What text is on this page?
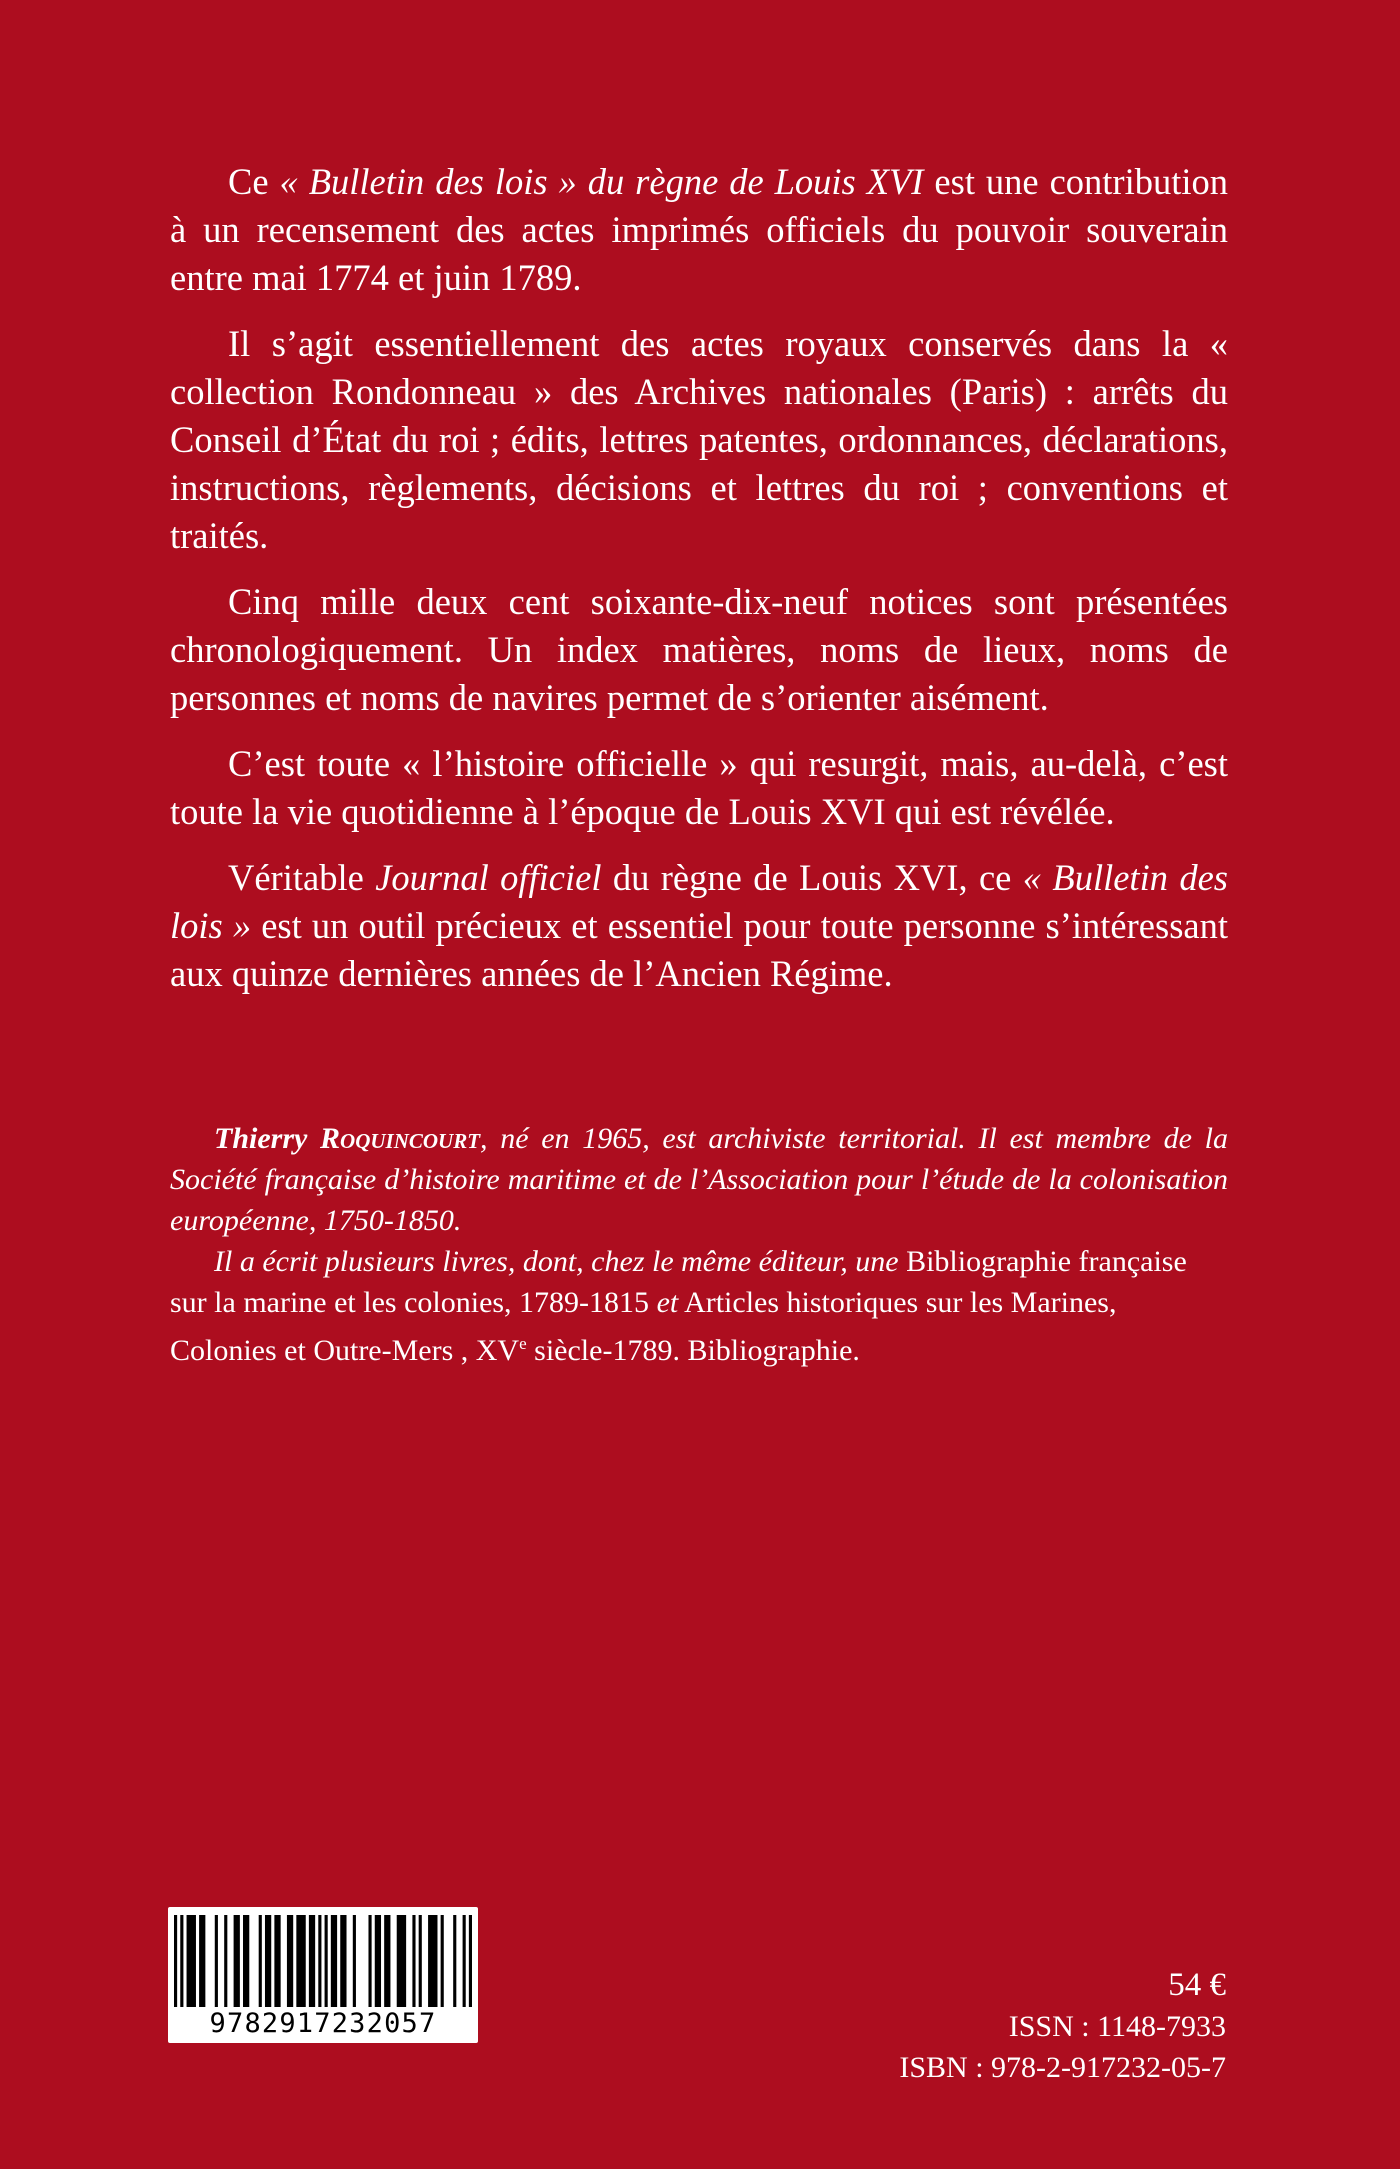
Ce « Bulletin des lois » du règne de Louis XVI est une contribution à un recensement des actes imprimés officiels du pouvoir souverain entre mai 1774 et juin 1789.

Il s’agit essentiellement des actes royaux conservés dans la « collection Rondonneau » des Archives nationales (Paris) : arrêts du Conseil d’État du roi ; édits, lettres patentes, ordonnances, déclarations, instructions, règlements, décisions et lettres du roi ; conventions et traités.

Cinq mille deux cent soixante-dix-neuf notices sont présentées chronologiquement. Un index matières, noms de lieux, noms de personnes et noms de navires permet de s’orienter aisément.

C’est toute « l’histoire officielle » qui resurgit, mais, au-delà, c’est toute la vie quotidienne à l’époque de Louis XVI qui est révélée.

Véritable Journal officiel du règne de Louis XVI, ce « Bulletin des lois » est un outil précieux et essentiel pour toute personne s’intéressant aux quinze dernières années de l’Ancien Régime.

Thierry Roquincourt, né en 1965, est archiviste territorial. Il est membre de la Société française d’histoire maritime et de l’Association pour l’étude de la colonisation européenne, 1750-1850.

Il a écrit plusieurs livres, dont, chez le même éditeur, une Bibliographie française sur la marine et les colonies, 1789-1815 et Articles historiques sur les Marines, Colonies et Outre-Mers , XVe siècle-1789. Bibliographie.

9782917232057
54 €
ISSN : 1148-7933
ISBN : 978-2-917232-05-7
